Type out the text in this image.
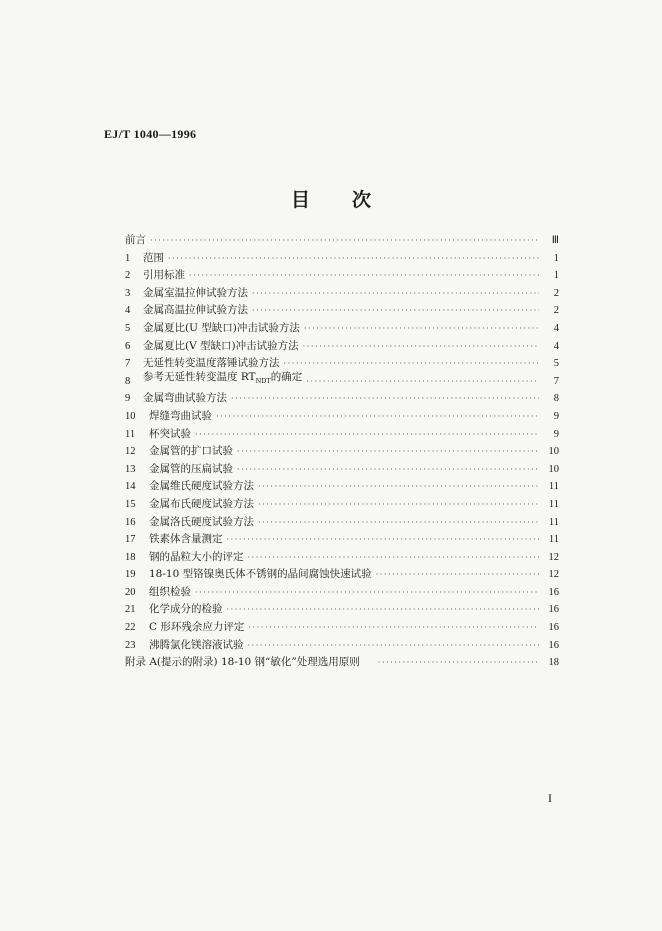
EJ/T 1040—1996
目 次
前言 ·····	Ⅲ
1	范围 ·····	1
2	引用标准 ·····	1
3	金属室温拉伸试验方法 ·····	2
4	金属高温拉伸试验方法 ·····	2
5	金属夏比(U 型缺口)冲击试验方法 ·····	4
6	金属夏比(V 型缺口)冲击试验方法 ·····	4
7	无延性转变温度落锤试验方法 ·····	5
8	参考无延性转变温度 $RT_{NDT}$的确定 ·····	7
9	金属弯曲试验方法 ·····	8
10	焊缝弯曲试验 ·····	9
11	杯突试验 ·····	9
12	金属管的扩口试验 ·····	10
13	金属管的压扁试验 ·····	10
14	金属维氏硬度试验方法 ·····	11
15	金属布氏硬度试验方法 ·····	11
16	金属洛氏硬度试验方法 ·····	11
17	铁素体含量测定 ·····	11
18	钢的晶粒大小的评定 ·····	12
19	18-10 型铬镍奥氏体不锈钢的晶间腐蚀快速试验 ·····	12
20	组织检验 ·····	16
21	化学成分的检验 ·····	16
22	C 形环残余应力评定 ·····	16
23	沸腾氯化镁溶液试验 ·····	16
附录 A(提示的附录) 18-10 钢“敏化”处理选用原则 ·····	18
I
